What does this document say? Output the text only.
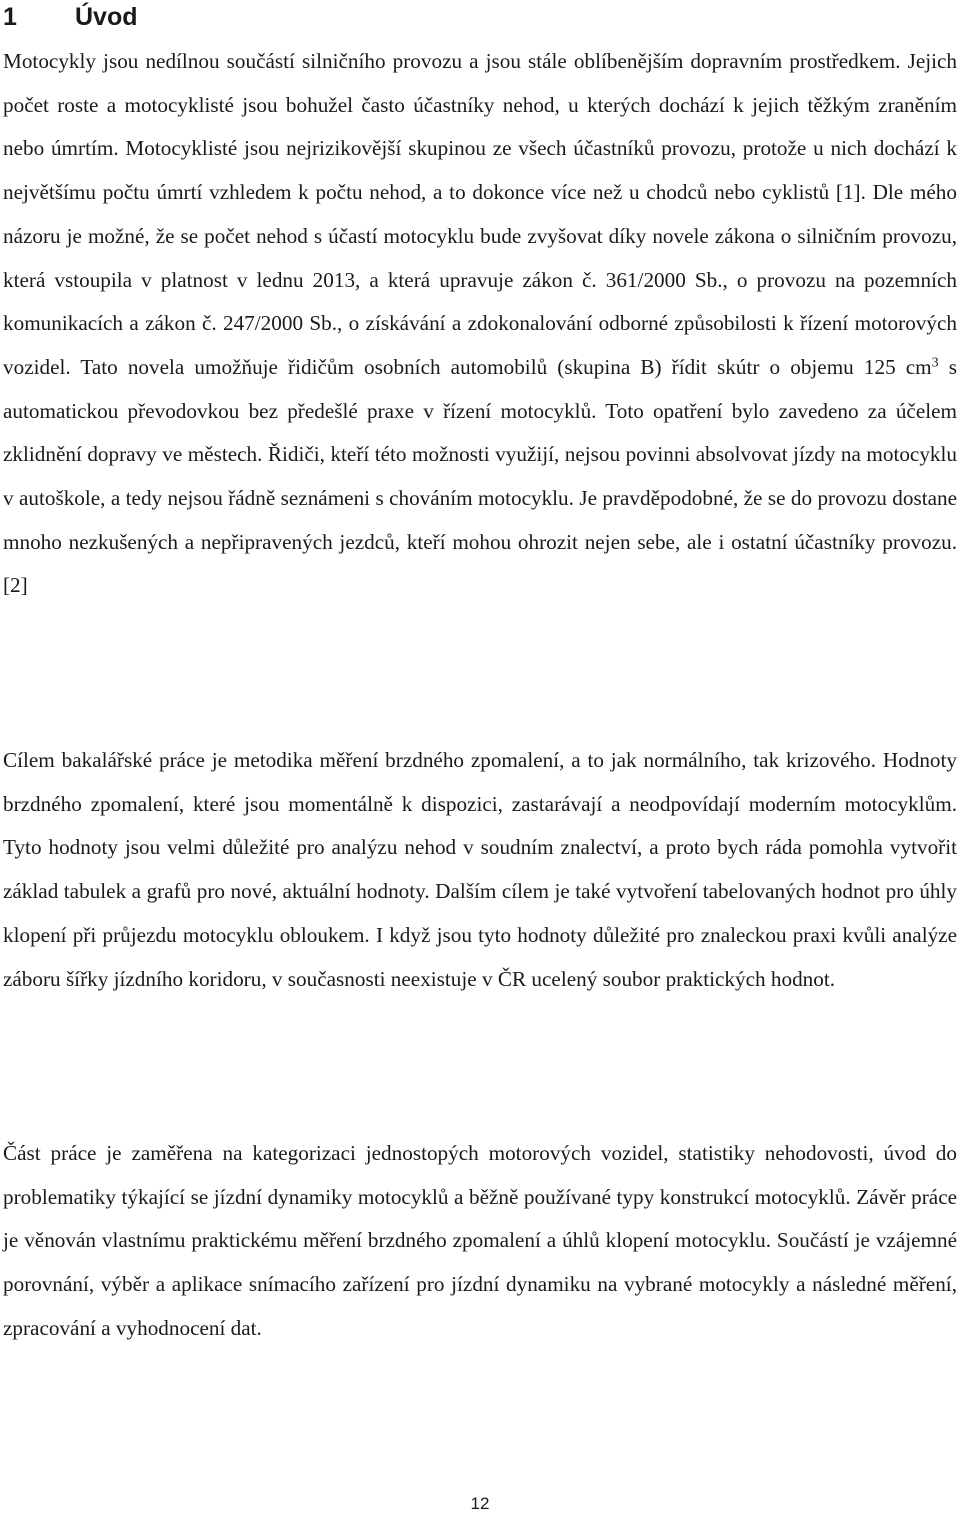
1 Úvod

Motocykly jsou nedílnou součástí silničního provozu a jsou stále oblíbenějším dopravním prostředkem. Jejich počet roste a motocyklisté jsou bohužel často účastníky nehod, u kterých dochází k jejich těžkým zraněním nebo úmrtím. Motocyklisté jsou nejrizikovější skupinou ze všech účastníků provozu, protože u nich dochází k největšímu počtu úmrtí vzhledem k počtu nehod, a to dokonce více než u chodců nebo cyklistů [1]. Dle mého názoru je možné, že se počet nehod s účastí motocyklu bude zvyšovat díky novele zákona o silničním provozu, která vstoupila v platnost v lednu 2013, a která upravuje zákon č. 361/2000 Sb., o provozu na pozemních komunikacích a zákon č. 247/2000 Sb., o získávání a zdokonalování odborné způsobilosti k řízení motorových vozidel. Tato novela umožňuje řidičům osobních automobilů (skupina B) řídit skútr o objemu 125 $cm^3$ s automatickou převodovkou bez předešlé praxe v řízení motocyklů. Toto opatření bylo zavedeno za účelem zklidnění dopravy ve městech. Řidiči, kteří této možnosti využijí, nejsou povinni absolvovat jízdy na motocyklu v autoškole, a tedy nejsou řádně seznámeni s chováním motocyklu. Je pravděpodobné, že se do provozu dostane mnoho nezkušených a nepřipravených jezdců, kteří mohou ohrozit nejen sebe, ale i ostatní účastníky provozu. [2]

Cílem bakalářské práce je metodika měření brzdného zpomalení, a to jak normálního, tak krizového. Hodnoty brzdného zpomalení, které jsou momentálně k dispozici, zastarávají a neodpovídají moderním motocyklům. Tyto hodnoty jsou velmi důležité pro analýzu nehod v soudním znalectví, a proto bych ráda pomohla vytvořit základ tabulek a grafů pro nové, aktuální hodnoty. Dalším cílem je také vytvoření tabelovaných hodnot pro úhly klopení při průjezdu motocyklu obloukem. I když jsou tyto hodnoty důležité pro znaleckou praxi kvůli analýze záboru šířky jízdního koridoru, v současnosti neexistuje v ČR ucelený soubor praktických hodnot.

Část práce je zaměřena na kategorizaci jednostopých motorových vozidel, statistiky nehodovosti, úvod do problematiky týkající se jízdní dynamiky motocyklů a běžně používané typy konstrukcí motocyklů. Závěr práce je věnován vlastnímu praktickému měření brzdného zpomalení a úhlů klopení motocyklu. Součástí je vzájemné porovnání, výběr a aplikace snímacího zařízení pro jízdní dynamiku na vybrané motocykly a následné měření, zpracování a vyhodnocení dat.

12
